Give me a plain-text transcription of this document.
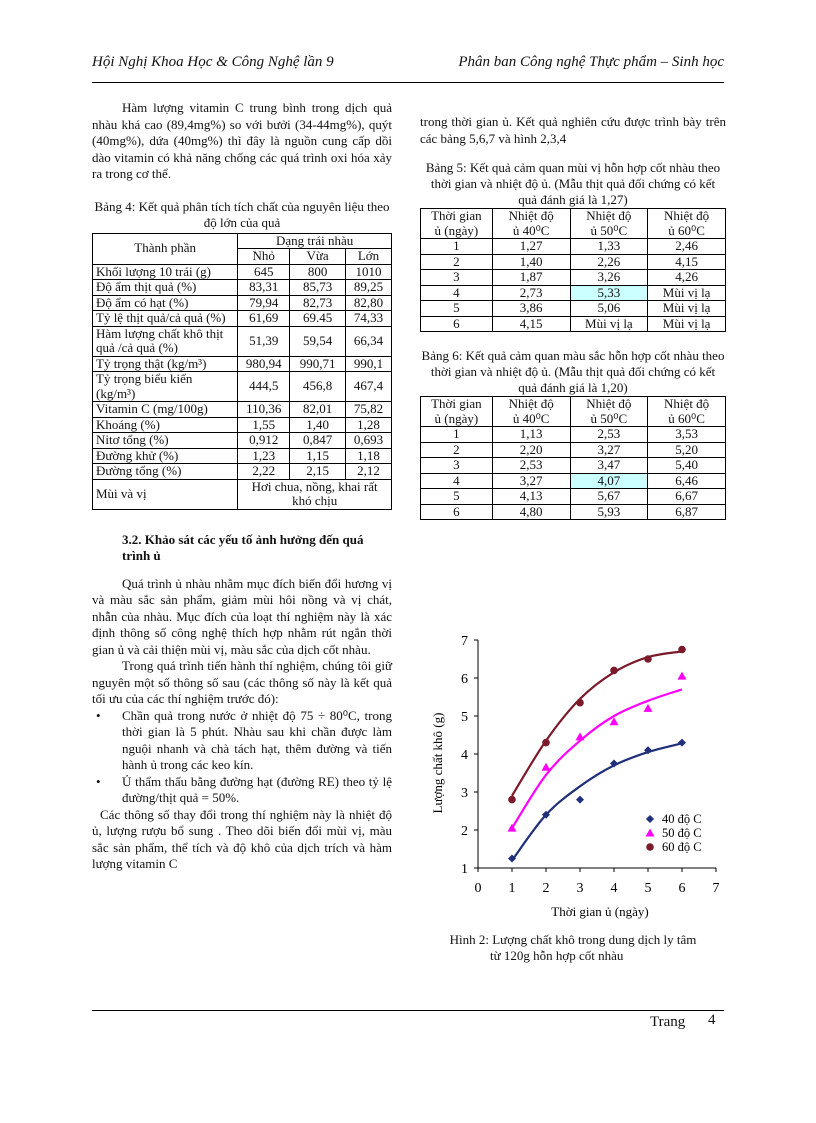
Hội Nghị Khoa Học & Công Nghệ lần 9	Phân ban Công nghệ Thực phẩm – Sinh học

Hàm lượng vitamin C trung bình trong dịch quả nhàu khá cao (89,4mg%) so với bưởi (34-44mg%), quýt (40mg%), dứa (40mg%) thì đây là nguồn cung cấp dồi dào vitamin có khả năng chống các quá trình oxi hóa xảy ra trong cơ thể.

Bảng 4: Kết quả phân tích tích chất của nguyên liệu theo độ lớn của quả

Thành phần	Dạng trái nhàu		
	Nhỏ	Vừa	Lớn
Khối lượng 10 trái (g)	645	800	1010
Độ ẩm thịt quả (%)	83,31	85,73	89,25
Độ ẩm có hạt (%)	79,94	82,73	82,80
Tỷ lệ thịt quả/cả quả (%)	61,69	69.45	74,33
Hàm lượng chất khô thịt quả /cả quả (%)	51,39	59,54	66,34
Tỷ trọng thật (kg/m³)	980,94	990,71	990,1
Tỷ trọng biểu kiến (kg/m³)	444,5	456,8	467,4
Vitamin C (mg/100g)	110,36	82,01	75,82
Khoáng (%)	1,55	1,40	1,28
Nitơ tổng (%)	0,912	0,847	0,693
Đường khử (%)	1,23	1,15	1,18
Đường tổng (%)	2,22	2,15	2,12
Mùi và vị	Hơi chua, nồng, khai rất khó chịu		

3.2. Khảo sát các yếu tố ảnh hưởng đến quá trình ủ

Quá trình ủ nhàu nhằm mục đích biến đổi hương vị và màu sắc sản phẩm, giảm mùi hôi nồng và vị chát, nhẫn của nhàu. Mục đích của loạt thí nghiệm này là xác định thông số công nghệ thích hợp nhằm rút ngắn thời gian ủ và cải thiện mùi vị, màu sắc của dịch cốt nhàu.

Trong quá trình tiến hành thí nghiệm, chúng tôi giữ nguyên một số thông số sau (các thông số này là kết quả tối ưu của các thí nghiệm trước đó):

• Chần quả trong nước ở nhiệt độ 75 ÷ 80⁰C, trong thời gian là 5 phút. Nhàu sau khi chần được làm nguội nhanh và chà tách hạt, thêm đường và tiến hành ủ trong các keo kín.
• Ủ thẩm thấu bằng đường hạt (đường RE) theo tỷ lệ đường/thịt quả = 50%.

Các thông số thay đổi trong thí nghiệm này là nhiệt độ ủ, lượng rượu bổ sung . Theo dõi biến đổi mùi vị, màu sắc sản phẩm, thể tích và độ khô của dịch trích và hàm lượng vitamin C

trong thời gian ủ. Kết quả nghiên cứu được trình bày trên các bảng 5,6,7 và hình 2,3,4

Bảng 5: Kết quả cảm quan mùi vị hỗn hợp cốt nhàu theo thời gian và nhiệt độ ủ. (Mẫu thịt quả đối chứng có kết quả đánh giá là 1,27)

Thời gian
ủ (ngày)	Nhiệt độ
ủ 40⁰C	Nhiệt độ
ủ 50⁰C	Nhiệt độ
ủ 60⁰C
1	1,27	1,33	2,46
2	1,40	2,26	4,15
3	1,87	3,26	4,26
4	2,73	5,33	Mùi vị lạ
5	3,86	5,06	Mùi vị lạ
6	4,15	Mùi vị lạ	Mùi vị lạ

Bảng 6: Kết quả cảm quan màu sắc hỗn hợp cốt nhàu theo thời gian và nhiệt độ ủ. (Mẫu thịt quả đối chứng có kết quả đánh giá là 1,20)

Thời gian
ủ (ngày)	Nhiệt độ
ủ 40⁰C	Nhiệt độ
ủ 50⁰C	Nhiệt độ
ủ 60⁰C
1	1,13	2,53	3,53
2	2,20	3,27	5,20
3	2,53	3,47	5,40
4	3,27	4,07	6,46
5	4,13	5,67	6,67
6	4,80	5,93	6,87
1
2
3
4
5
6
7
0 1 2 3 4 5 6 7
40 độ C
50 độ C
60 độ C
Thời gian ủ (ngày)
Lượng chất khô (g)

Hình 2: Lượng chất khô trong dung dịch ly tâm

từ 120g hỗn hợp cốt nhàu

Trang 4
